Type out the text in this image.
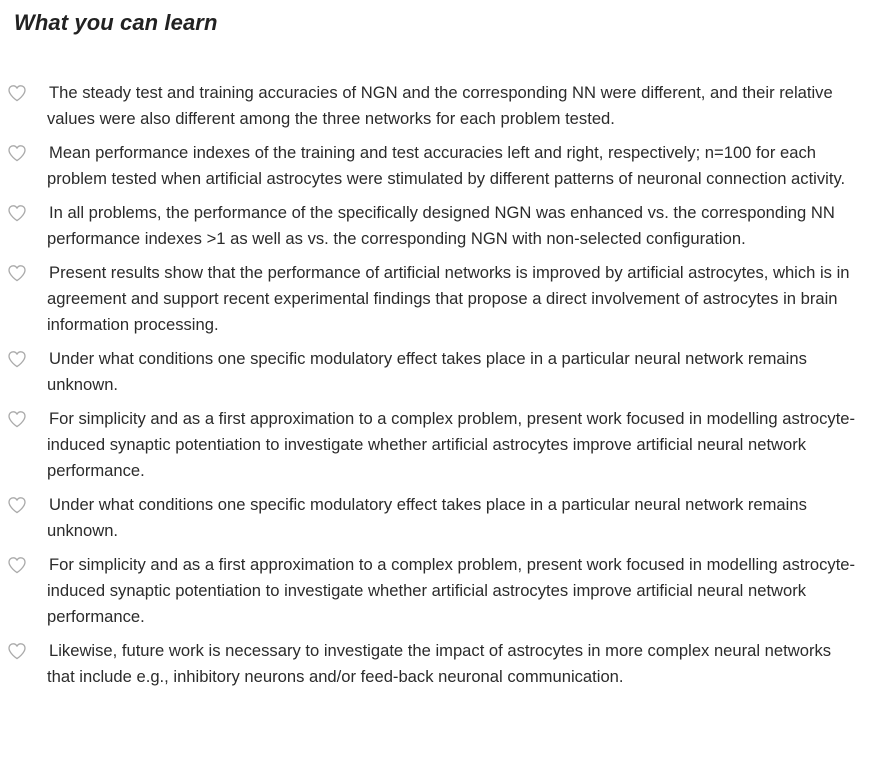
What you can learn
The steady test and training accuracies of NGN and the corresponding NN were different, and their relative values were also different among the three networks for each problem tested.
Mean performance indexes of the training and test accuracies left and right, respectively; n=100 for each problem tested when artificial astrocytes were stimulated by different patterns of neuronal connection activity.
In all problems, the performance of the specifically designed NGN was enhanced vs. the corresponding NN performance indexes >1 as well as vs. the corresponding NGN with non-selected configuration.
Present results show that the performance of artificial networks is improved by artificial astrocytes, which is in agreement and support recent experimental findings that propose a direct involvement of astrocytes in brain information processing.
Under what conditions one specific modulatory effect takes place in a particular neural network remains unknown.
For simplicity and as a first approximation to a complex problem, present work focused in modelling astrocyte-induced synaptic potentiation to investigate whether artificial astrocytes improve artificial neural network performance.
Under what conditions one specific modulatory effect takes place in a particular neural network remains unknown.
For simplicity and as a first approximation to a complex problem, present work focused in modelling astrocyte-induced synaptic potentiation to investigate whether artificial astrocytes improve artificial neural network performance.
Likewise, future work is necessary to investigate the impact of astrocytes in more complex neural networks that include e.g., inhibitory neurons and/or feed-back neuronal communication.
